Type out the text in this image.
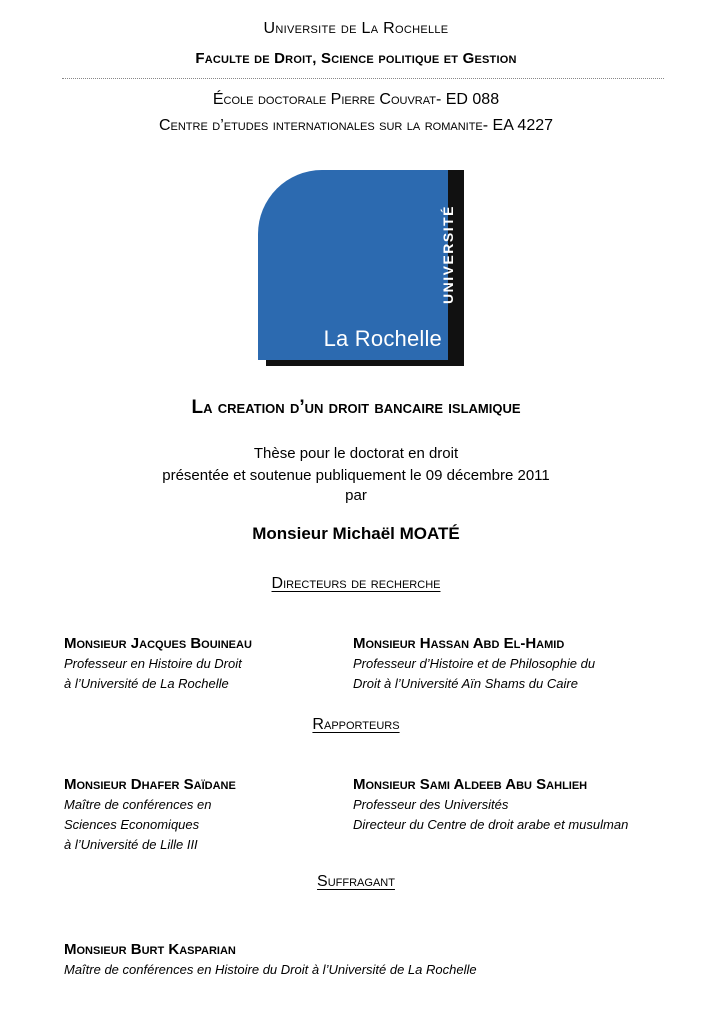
Universite de La Rochelle
Faculte de Droit, Science politique et Gestion
École doctorale Pierre Couvrat- ED 088
Centre d’etudes internationales sur la romanite- EA 4227
UNIVERSITÉ
La Rochelle
La creation d’un droit bancaire islamique
Thèse pour le doctorat en droit
présentée et soutenue publiquement le 09 décembre 2011
par
Monsieur Michaël MOATÉ
Directeurs de recherche
Monsieur Jacques Bouineau
Professeur en Histoire du Droit
à l’Université de La Rochelle
Monsieur Hassan Abd El-Hamid
Professeur d’Histoire et de Philosophie du
Droit à l’Université Aïn Shams du Caire
Rapporteurs
Monsieur Dhafer Saïdane
Maître de conférences en
Sciences Economiques
à l’Université de Lille III
Monsieur Sami Aldeeb Abu Sahlieh
Professeur des Universités
Directeur du Centre de droit arabe et musulman
Suffragant
Monsieur Burt Kasparian
Maître de conférences en Histoire du Droit à l’Université de La Rochelle
